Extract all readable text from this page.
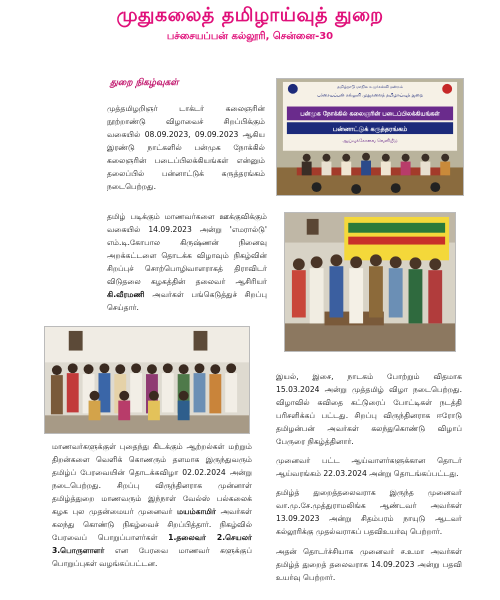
முதுகலைத் தமிழாய்வுத் துறை
பச்சையப்பன் கல்லூரி, சென்னை-30
துறை நிகழ்வுகள்
முத்தமிழறிஞர் டாக்டர் கலைஞரின் நூற்றாண்டு விழாவைச் சிறப்பிக்கும் வகையில் 08.09.2023, 09.09.2023 ஆகிய இரண்டு நாட்களில் பன்முக நோக்கில் கலைஞரின் படைப்பிலக்கியங்கள் என்னும் தலைப்பில் பன்னாட்டுக் கருத்தரங்கம் நடைபெற்றது.
தமிழ்நாடு மாநில உயர்கல்வி மன்றம்
பச்சையப்பன் கல்லூரி முதுகலைத் தமிழாய்வுத் துறை
பன்முக நோக்கில் கலைஞரின் படைப்பிலக்கியங்கள்
பன்னாட்டுக் கருத்தரங்கம்
ஆய்வுக்கோவை வெளியீடு
தமிழ் படிக்கும் மாணவர்களை ஊக்குவிக்கும் வகையில் 14.09.2023 அன்று 'எமரால்டு' எம்.டி.கோபால கிருஷ்ணன் நினைவு அறக்கட்டளை தொடக்க விழாவும் நிகழ்வின் சிறப்புச் சொற்பொழிவாளராகத் திராவிடர் விடுதலை கழகத்தின் தலைவர் ஆசிரியர் கி.வீரமணி அவர்கள் பங்கெடுத்துச் சிறப்பு செய்தார்.
மாணவர்களுக்குள் புதைந்து கிடக்கும் ஆற்றல்கள் மற்றும் திறன்களை வெளிக் கொணரும் தளமாக இருந்துவரும் தமிழ்ப் பேரவையின் தொடக்கவிழா 02.02.2024 அன்று நடைபெற்றது. சிறப்பு விருந்தினராக முன்னாள் தமிழ்த்துறை மாணவரும் இந்நாள் வேல்ஸ் பல்கலைக் கழக புல முதன்மையர் முனைவர் மயம்காமிர் அவர்கள் கலந்து கொண்டு நிகழ்வைச் சிறப்பித்தார். நிகழ்வில் பேரவைப் பொறுப்பாளர்கள் 1.தலைவர் 2.செயலர் 3.பொருளாளர் என பேரவை மாணவர் களுக்குப் பொறுப்புகள் வழங்கப்பட்டன.
இயல், இசை, நாடகம் போற்றும் விதமாக 15.03.2024 அன்று முத்தமிழ் விழா நடைபெற்றது. விழாவில் கவிதை கட்டுரைப் போட்டிகள் நடத்தி பரிசளிக்கப் பட்டது. சிறப்பு விருந்தினராக ஈரோடு தமிழன்பன் அவர்கள் கலந்துகொண்டு விழாப் பேருரை நிகழ்த்தினார்.
முனைவர் பட்ட ஆய்வாளர்களுக்கான தொடர் ஆய்வரங்கம் 22.03.2024 அன்று தொடங்கப்பட்டது.
தமிழ்த் துறைத்தலைவராக இருந்த முனைவர் வா.மு.சே.முத்துராமலிங்க ஆண்டவர் அவர்கள் 13.09.2023 அன்று சிதம்பரம் நாயுடு ஆடவர் கல்லூரிக்கு முதல்வராகப் பதவிஉயர்வு பெற்றார்.
அதன் தொடர்ச்சியாக முனைவர் ச.உமா அவர்கள் தமிழ்த் துறைத் தலைவராக 14.09.2023 அன்று பதவி உயர்வு பெற்றார்.
